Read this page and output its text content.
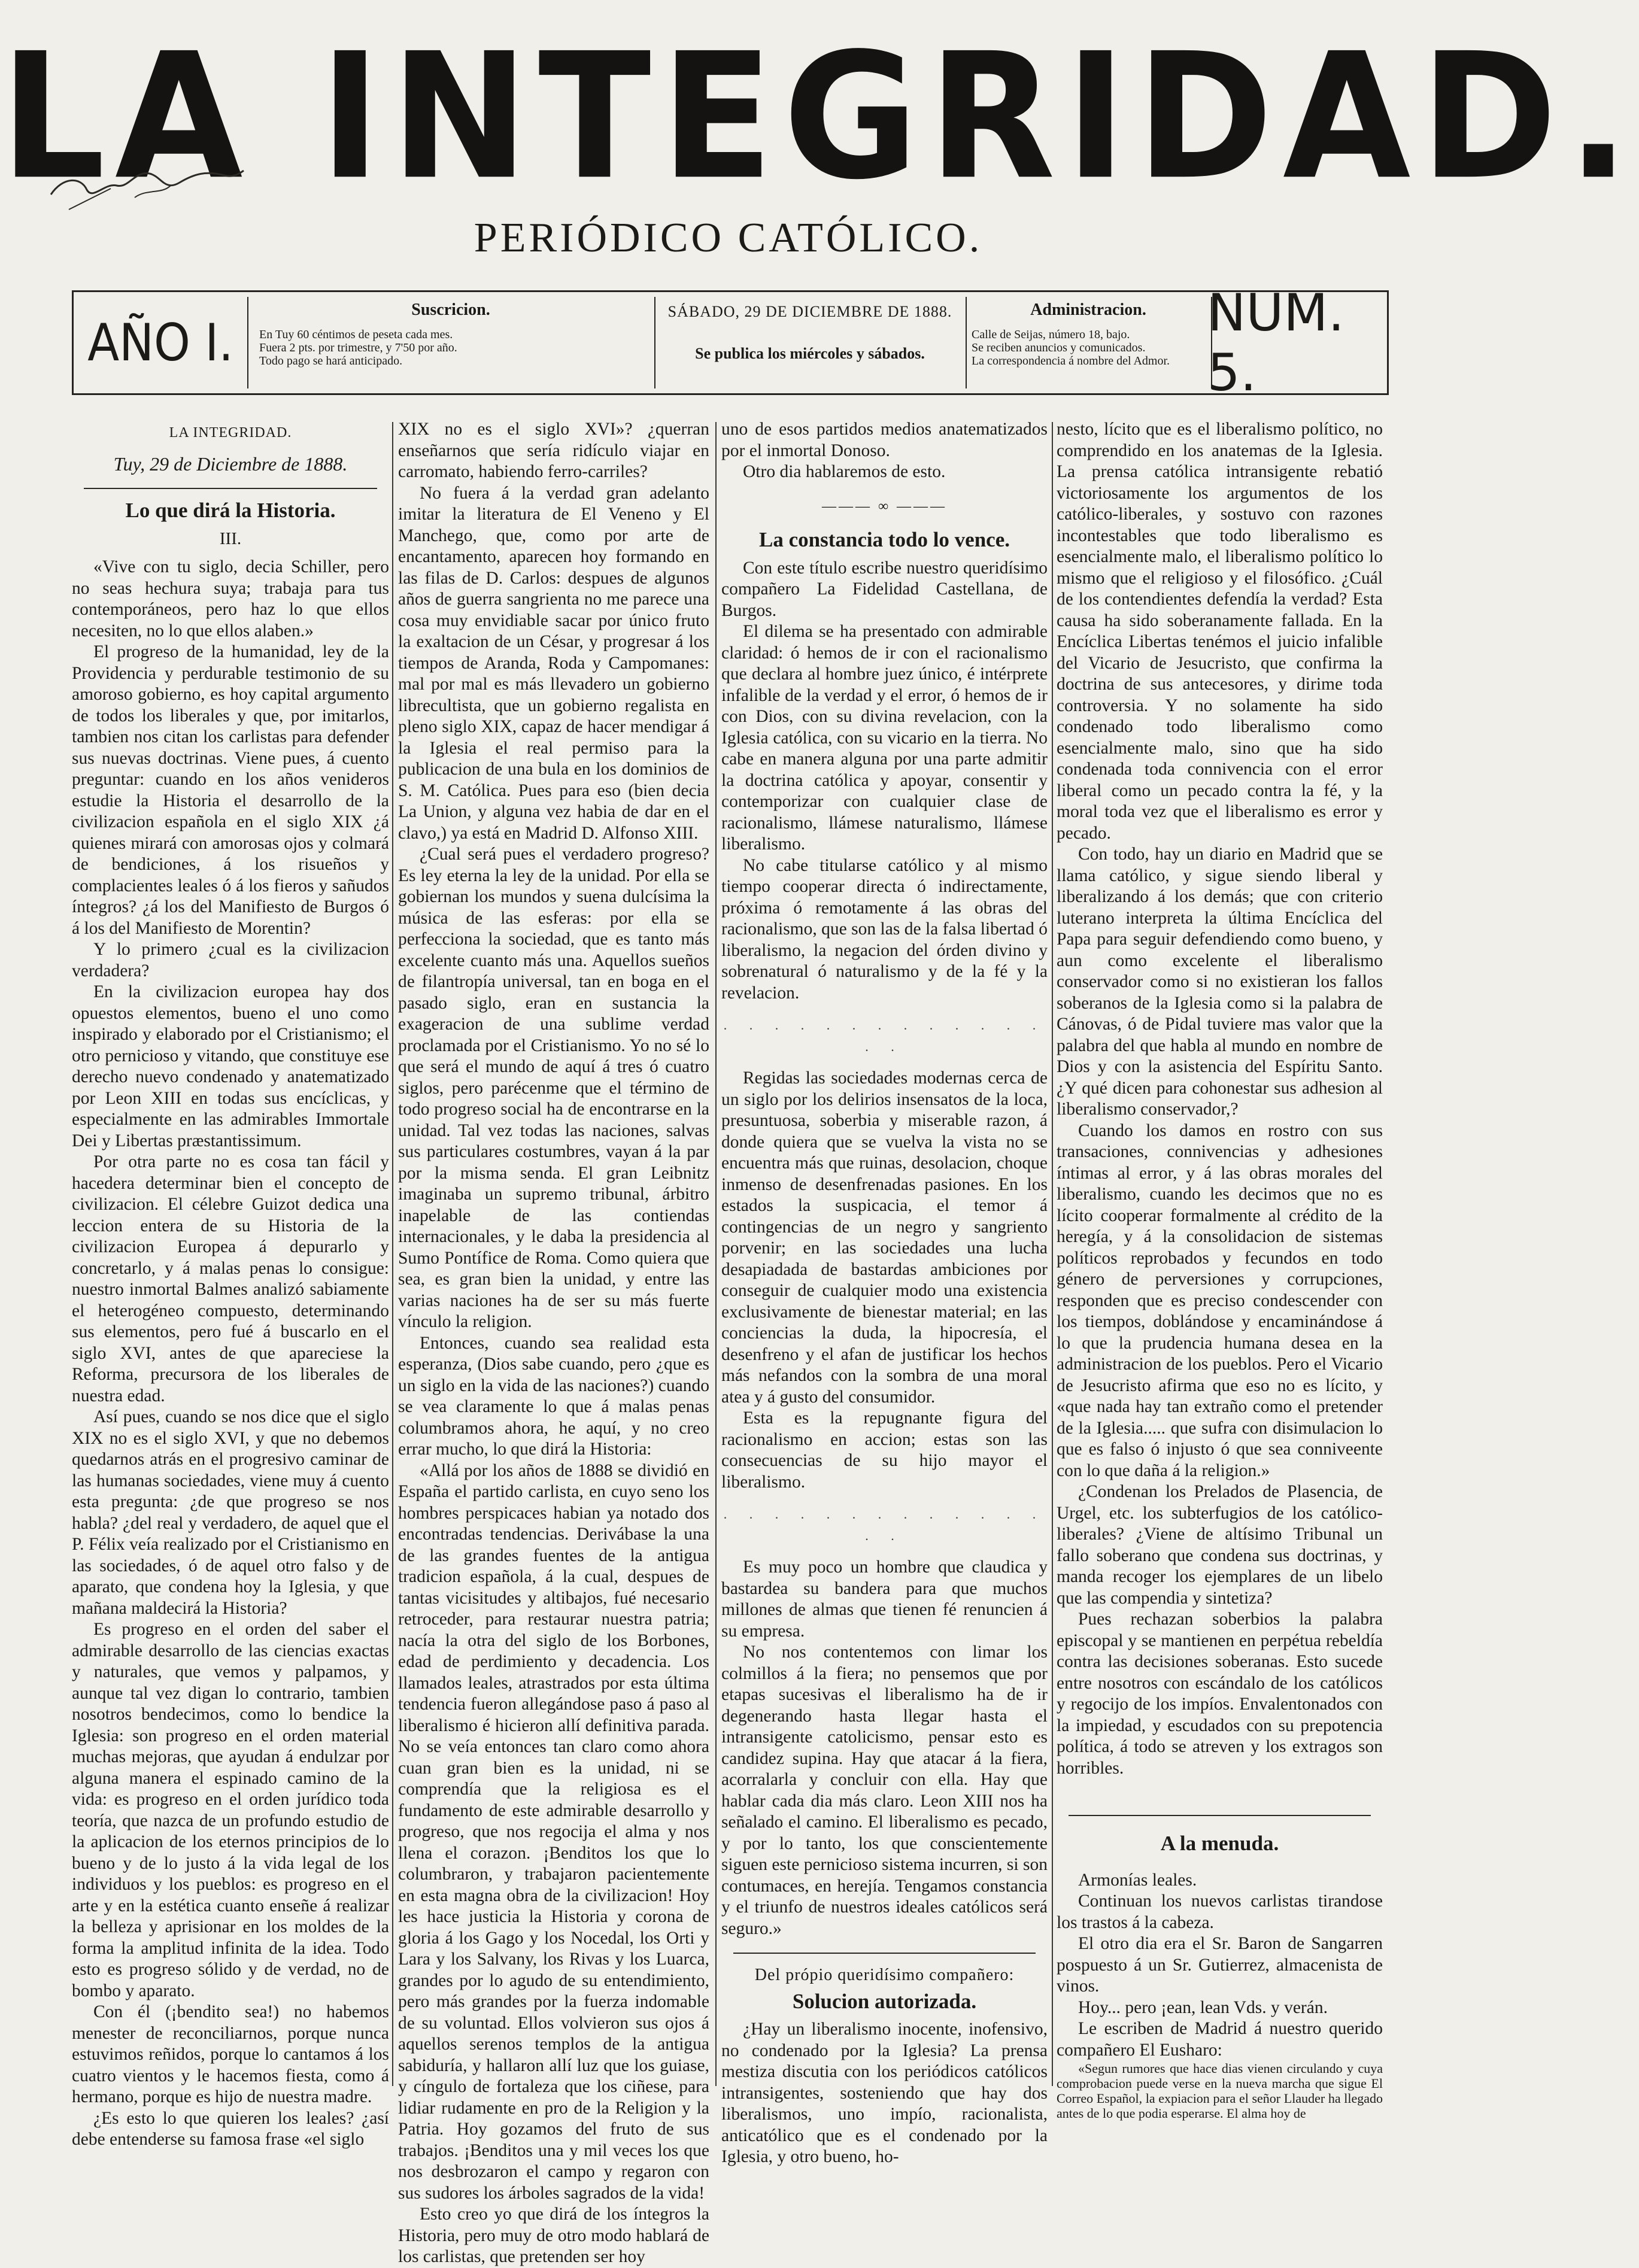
LA INTEGRIDAD.
PERIÓDICO CATÓLICO.
AÑO I.
Suscricion.
En Tuy 60 céntimos de peseta cada mes.
Fuera 2 pts. por trimestre, y 7'50 por año.
Todo pago se hará anticipado.
SÁBADO, 29 DE DICIEMBRE DE 1888.
Se publica los miércoles y sábados.
Administracion.
Calle de Seijas, número 18, bajo.
Se reciben anuncios y comunicados.
La correspondencia á nombre del Admor.
NUM. 5.
LA INTEGRIDAD.
Tuy, 29 de Diciembre de 1888.
Lo que dirá la Historia.
III.

«Vive con tu siglo, decia Schiller, pero no seas hechura suya; trabaja para tus contemporáneos, pero haz lo que ellos necesiten, no lo que ellos alaben.»

El progreso de la humanidad, ley de la Providencia y perdurable testimonio de su amoroso gobierno, es hoy capital argumento de todos los liberales y que, por imitarlos, tambien nos citan los carlistas para defender sus nuevas doctrinas. Viene pues, á cuento preguntar: cuando en los años venideros estudie la Historia el desarrollo de la civilizacion española en el siglo XIX ¿á quienes mirará con amorosas ojos y colmará de bendiciones, á los risueños y complacientes leales ó á los fieros y sañudos íntegros? ¿á los del Manifiesto de Burgos ó á los del Manifiesto de Morentin?

Y lo primero ¿cual es la civilizacion verdadera?

En la civilizacion europea hay dos opuestos elementos, bueno el uno como inspirado y elaborado por el Cristianismo; el otro pernicioso y vitando, que constituye ese derecho nuevo condenado y anatematizado por Leon XIII en todas sus encíclicas, y especialmente en las admirables Immortale Dei y Libertas præstantissimum.

Por otra parte no es cosa tan fácil y hacedera determinar bien el concepto de civilizacion. El célebre Guizot dedica una leccion entera de su Historia de la civilizacion Europea á depurarlo y concretarlo, y á malas penas lo consigue: nuestro inmortal Balmes analizó sabiamente el heterogéneo compuesto, determinando sus elementos, pero fué á buscarlo en el siglo XVI, antes de que apareciese la Reforma, precursora de los liberales de nuestra edad.

Así pues, cuando se nos dice que el siglo XIX no es el siglo XVI, y que no debemos quedarnos atrás en el progresivo caminar de las humanas sociedades, viene muy á cuento esta pregunta: ¿de que progreso se nos habla? ¿del real y verdadero, de aquel que el P. Félix veía realizado por el Cristianismo en las sociedades, ó de aquel otro falso y de aparato, que condena hoy la Iglesia, y que mañana maldecirá la Historia?

Es progreso en el orden del saber el admirable desarrollo de las ciencias exactas y naturales, que vemos y palpamos, y aunque tal vez digan lo contrario, tambien nosotros bendecimos, como lo bendice la Iglesia: son progreso en el orden material muchas mejoras, que ayudan á endulzar por alguna manera el espinado camino de la vida: es progreso en el orden jurídico toda teoría, que nazca de un profundo estudio de la aplicacion de los eternos principios de lo bueno y de lo justo á la vida legal de los individuos y los pueblos: es progreso en el arte y en la estética cuanto enseñe á realizar la belleza y aprisionar en los moldes de la forma la amplitud infinita de la idea. Todo esto es progreso sólido y de verdad, no de bombo y aparato.

Con él (¡bendito sea!) no habemos menester de reconciliarnos, porque nunca estuvimos reñidos, porque lo cantamos á los cuatro vientos y le hacemos fiesta, como á hermano, porque es hijo de nuestra madre.

¿Es esto lo que quieren los leales? ¿así debe entenderse su famosa frase «el siglo

XIX no es el siglo XVI»? ¿querran enseñarnos que sería ridículo viajar en carromato, habiendo ferro-carriles?

No fuera á la verdad gran adelanto imitar la literatura de El Veneno y El Manchego, que, como por arte de encantamento, aparecen hoy formando en las filas de D. Carlos: despues de algunos años de guerra sangrienta no me parece una cosa muy envidiable sacar por único fruto la exaltacion de un César, y progresar á los tiempos de Aranda, Roda y Campomanes: mal por mal es más llevadero un gobierno librecultista, que un gobierno regalista en pleno siglo XIX, capaz de hacer mendigar á la Iglesia el real permiso para la publicacion de una bula en los dominios de S. M. Católica. Pues para eso (bien decia La Union, y alguna vez habia de dar en el clavo,) ya está en Madrid D. Alfonso XIII.

¿Cual será pues el verdadero progreso? Es ley eterna la ley de la unidad. Por ella se gobiernan los mundos y suena dulcísima la música de las esferas: por ella se perfecciona la sociedad, que es tanto más excelente cuanto más una. Aquellos sueños de filantropía universal, tan en boga en el pasado siglo, eran en sustancia la exageracion de una sublime verdad proclamada por el Cristianismo. Yo no sé lo que será el mundo de aquí á tres ó cuatro siglos, pero parécenme que el término de todo progreso social ha de encontrarse en la unidad. Tal vez todas las naciones, salvas sus particulares costumbres, vayan á la par por la misma senda. El gran Leibnitz imaginaba un supremo tribunal, árbitro inapelable de las contiendas internacionales, y le daba la presidencia al Sumo Pontífice de Roma. Como quiera que sea, es gran bien la unidad, y entre las varias naciones ha de ser su más fuerte vínculo la religion.

Entonces, cuando sea realidad esta esperanza, (Dios sabe cuando, pero ¿que es un siglo en la vida de las naciones?) cuando se vea claramente lo que á malas penas columbramos ahora, he aquí, y no creo errar mucho, lo que dirá la Historia:

«Allá por los años de 1888 se dividió en España el partido carlista, en cuyo seno los hombres perspicaces habian ya notado dos encontradas tendencias. Derivábase la una de las grandes fuentes de la antigua tradicion española, á la cual, despues de tantas vicisitudes y altibajos, fué necesario retroceder, para restaurar nuestra patria; nacía la otra del siglo de los Borbones, edad de perdimiento y decadencia. Los llamados leales, atrastrados por esta última tendencia fueron allegándose paso á paso al liberalismo é hicieron allí definitiva parada. No se veía entonces tan claro como ahora cuan gran bien es la unidad, ni se comprendía que la religiosa es el fundamento de este admirable desarrollo y progreso, que nos regocija el alma y nos llena el corazon. ¡Benditos los que lo columbraron, y trabajaron pacientemente en esta magna obra de la civilizacion! Hoy les hace justicia la Historia y corona de gloria á los Gago y los Nocedal, los Orti y Lara y los Salvany, los Rivas y los Luarca, grandes por lo agudo de su entendimiento, pero más grandes por la fuerza indomable de su voluntad. Ellos volvieron sus ojos á aquellos serenos templos de la antigua sabiduría, y hallaron allí luz que los guiase, y cíngulo de fortaleza que los ciñese, para lidiar rudamente en pro de la Religion y la Patria. Hoy gozamos del fruto de sus trabajos. ¡Benditos una y mil veces los que nos desbrozaron el campo y regaron con sus sudores los árboles sagrados de la vida!

Esto creo yo que dirá de los íntegros la Historia, pero muy de otro modo hablará de los carlistas, que pretenden ser hoy

uno de esos partidos medios anatematizados por el inmortal Donoso.

Otro dia hablaremos de esto.

——— ∞ ———
La constancia todo lo vence.

Con este título escribe nuestro queridísimo compañero La Fidelidad Castellana, de Burgos.

El dilema se ha presentado con admirable claridad: ó hemos de ir con el racionalismo que declara al hombre juez único, é intérprete infalible de la verdad y el error, ó hemos de ir con Dios, con su divina revelacion, con la Iglesia católica, con su vicario en la tierra. No cabe en manera alguna por una parte admitir la doctrina católica y apoyar, consentir y contemporizar con cualquier clase de racionalismo, llámese naturalismo, llámese liberalismo.

No cabe titularse católico y al mismo tiempo cooperar directa ó indirectamente, próxima ó remotamente á las obras del racionalismo, que son las de la falsa libertad ó liberalismo, la negacion del órden divino y sobrenatural ó naturalismo y de la fé y la revelacion.

. . . . . . . . . . . . . . .

Regidas las sociedades modernas cerca de un siglo por los delirios insensatos de la loca, presuntuosa, soberbia y miserable razon, á donde quiera que se vuelva la vista no se encuentra más que ruinas, desolacion, choque inmenso de desenfrenadas pasiones. En los estados la suspicacia, el temor á contingencias de un negro y sangriento porvenir; en las sociedades una lucha desapiadada de bastardas ambiciones por conseguir de cualquier modo una existencia exclusivamente de bienestar material; en las conciencias la duda, la hipocresía, el desenfreno y el afan de justificar los hechos más nefandos con la sombra de una moral atea y á gusto del consumidor.

Esta es la repugnante figura del racionalismo en accion; estas son las consecuencias de su hijo mayor el liberalismo.

. . . . . . . . . . . . . . .

Es muy poco un hombre que claudica y bastardea su bandera para que muchos millones de almas que tienen fé renuncien á su empresa.

No nos contentemos con limar los colmillos á la fiera; no pensemos que por etapas sucesivas el liberalismo ha de ir degenerando hasta llegar hasta el intransigente catolicismo, pensar esto es candidez supina. Hay que atacar á la fiera, acorralarla y concluir con ella. Hay que hablar cada dia más claro. Leon XIII nos ha señalado el camino. El liberalismo es pecado, y por lo tanto, los que conscientemente siguen este pernicioso sistema incurren, si son contumaces, en herejía. Tengamos constancia y el triunfo de nuestros ideales católicos será seguro.»

Del própio queridísimo compañero:
Solucion autorizada.

¿Hay un liberalismo inocente, inofensivo, no condenado por la Iglesia? La prensa mestiza discutia con los periódicos católicos intransigentes, sosteniendo que hay dos liberalismos, uno impío, racionalista, anticatólico que es el condenado por la Iglesia, y otro bueno, ho-

nesto, lícito que es el liberalismo político, no comprendido en los anatemas de la Iglesia. La prensa católica intransigente rebatió victoriosamente los argumentos de los católico-liberales, y sostuvo con razones incontestables que todo liberalismo es esencialmente malo, el liberalismo político lo mismo que el religioso y el filosófico. ¿Cuál de los contendientes defendía la verdad? Esta causa ha sido soberanamente fallada. En la Encíclica Libertas tenémos el juicio infalible del Vicario de Jesucristo, que confirma la doctrina de sus antecesores, y dirime toda controversia. Y no solamente ha sido condenado todo liberalismo como esencialmente malo, sino que ha sido condenada toda connivencia con el error liberal como un pecado contra la fé, y la moral toda vez que el liberalismo es error y pecado.

Con todo, hay un diario en Madrid que se llama católico, y sigue siendo liberal y liberalizando á los demás; que con criterio luterano interpreta la última Encíclica del Papa para seguir defendiendo como bueno, y aun como excelente el liberalismo conservador como si no existieran los fallos soberanos de la Iglesia como si la palabra de Cánovas, ó de Pidal tuviere mas valor que la palabra del que habla al mundo en nombre de Dios y con la asistencia del Espíritu Santo. ¿Y qué dicen para cohonestar sus adhesion al liberalismo conservador,?

Cuando los damos en rostro con sus transaciones, connivencias y adhesiones íntimas al error, y á las obras morales del liberalismo, cuando les decimos que no es lícito cooperar formalmente al crédito de la heregía, y á la consolidacion de sistemas políticos reprobados y fecundos en todo género de perversiones y corrupciones, responden que es preciso condescender con los tiempos, doblándose y encaminándose á lo que la prudencia humana desea en la administracion de los pueblos. Pero el Vicario de Jesucristo afirma que eso no es lícito, y «que nada hay tan extraño como el pretender de la Iglesia..... que sufra con disimulacion lo que es falso ó injusto ó que sea conniveente con lo que daña á la religion.»

¿Condenan los Prelados de Plasencia, de Urgel, etc. los subterfugios de los católico-liberales? ¿Viene de altísimo Tribunal un fallo soberano que condena sus doctrinas, y manda recoger los ejemplares de un libelo que las compendia y sintetiza?

Pues rechazan soberbios la palabra episcopal y se mantienen en perpétua rebeldía contra las decisiones soberanas. Esto sucede entre nosotros con escándalo de los católicos y regocijo de los impíos. Envalentonados con la impiedad, y escudados con su prepotencia política, á todo se atreven y los extragos son horribles.

A la menuda.

Armonías leales.

Continuan los nuevos carlistas tirandose los trastos á la cabeza.

El otro dia era el Sr. Baron de Sangarren pospuesto á un Sr. Gutierrez, almacenista de vinos.

Hoy... pero ¡ean, lean Vds. y verán.

Le escriben de Madrid á nuestro querido compañero El Eusharo:

«Segun rumores que hace dias vienen circulando y cuya comprobacion puede verse en la nueva marcha que sigue El Correo Español, la expiacion para el señor Llauder ha llegado antes de lo que podia esperarse. El alma hoy de
